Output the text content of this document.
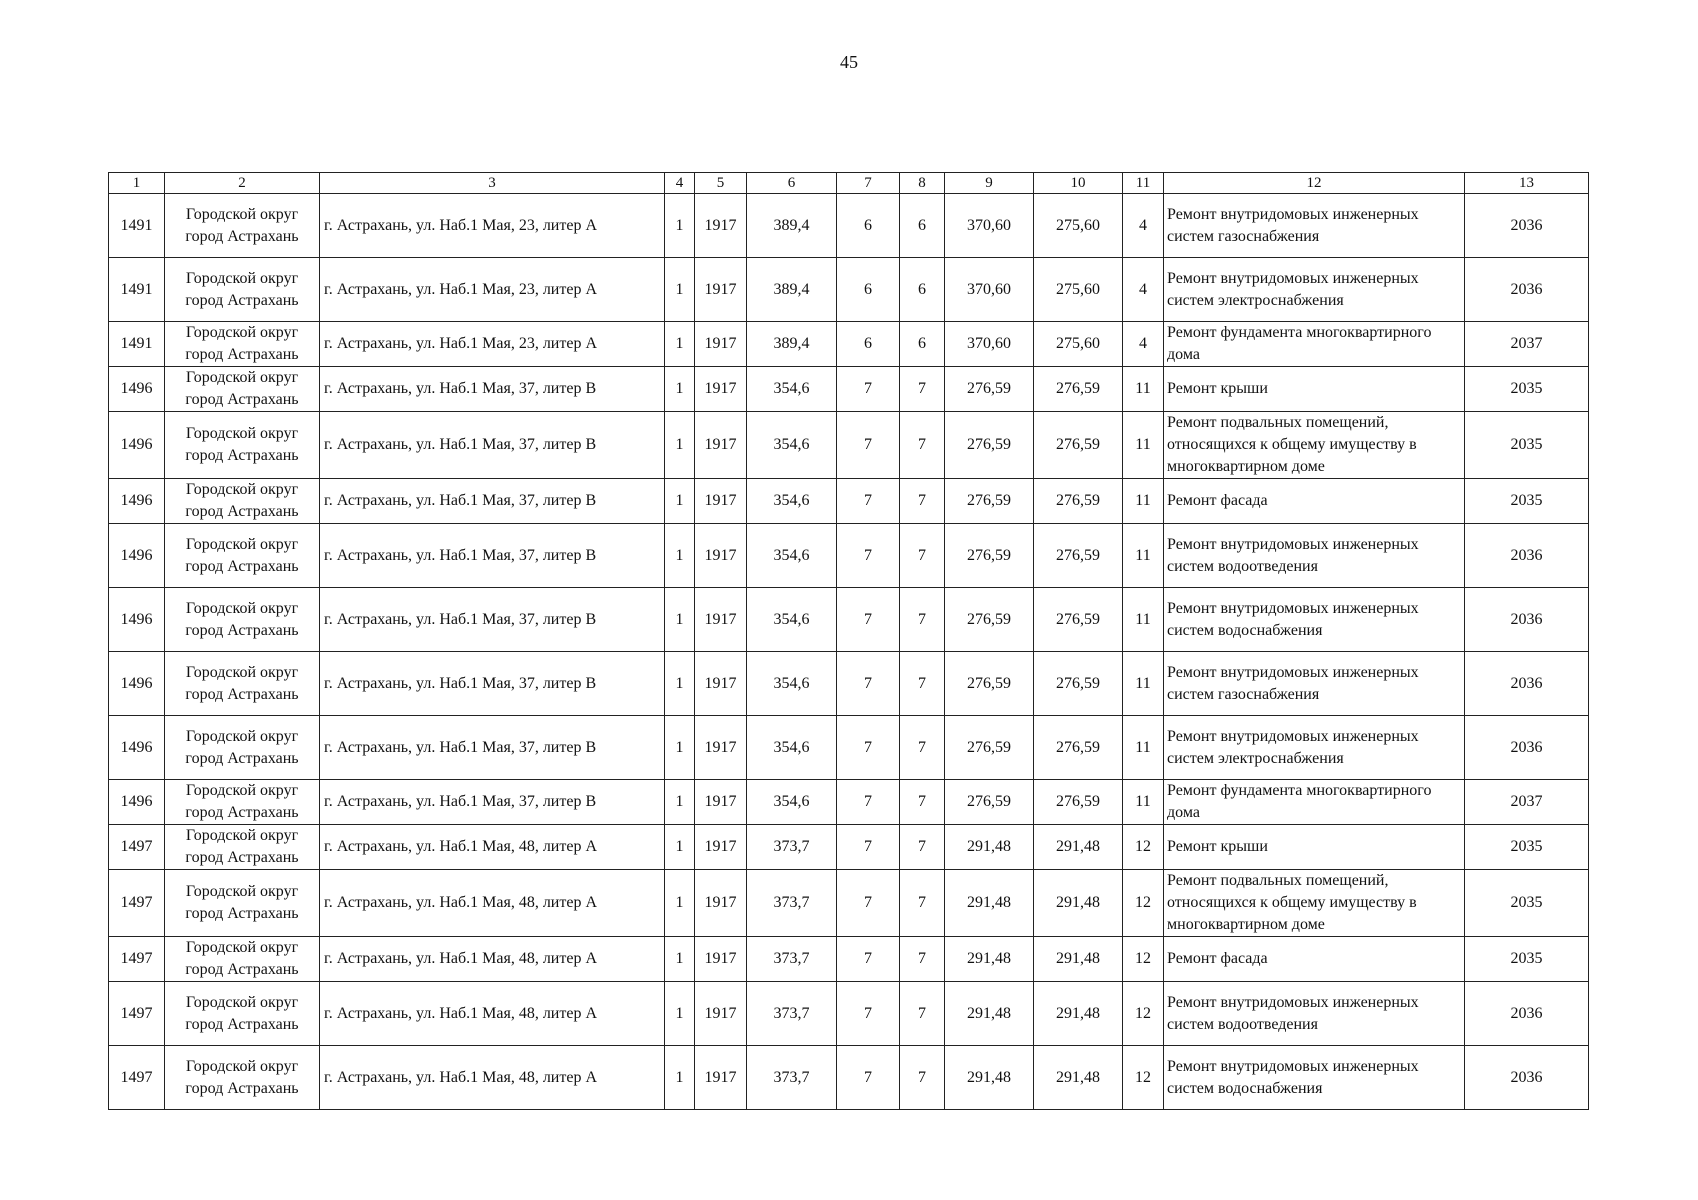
45
1	2	3	4	5	6	7	8	9	10	11	12	13
1491	Городской округ город Астрахань	г. Астрахань, ул. Наб.1 Мая, 23, литер А	1	1917	389,4	6	6	370,60	275,60	4	Ремонт внутридомовых инженерных систем газоснабжения	2036
1491	Городской округ город Астрахань	г. Астрахань, ул. Наб.1 Мая, 23, литер А	1	1917	389,4	6	6	370,60	275,60	4	Ремонт внутридомовых инженерных систем электроснабжения	2036
1491	Городской округ город Астрахань	г. Астрахань, ул. Наб.1 Мая, 23, литер А	1	1917	389,4	6	6	370,60	275,60	4	Ремонт фундамента многоквартирного дома	2037
1496	Городской округ город Астрахань	г. Астрахань, ул. Наб.1 Мая, 37, литер В	1	1917	354,6	7	7	276,59	276,59	11	Ремонт крыши	2035
1496	Городской округ город Астрахань	г. Астрахань, ул. Наб.1 Мая, 37, литер В	1	1917	354,6	7	7	276,59	276,59	11	Ремонт подвальных помещений, относящихся к общему имуществу в многоквартирном доме	2035
1496	Городской округ город Астрахань	г. Астрахань, ул. Наб.1 Мая, 37, литер В	1	1917	354,6	7	7	276,59	276,59	11	Ремонт фасада	2035
1496	Городской округ город Астрахань	г. Астрахань, ул. Наб.1 Мая, 37, литер В	1	1917	354,6	7	7	276,59	276,59	11	Ремонт внутридомовых инженерных систем водоотведения	2036
1496	Городской округ город Астрахань	г. Астрахань, ул. Наб.1 Мая, 37, литер В	1	1917	354,6	7	7	276,59	276,59	11	Ремонт внутридомовых инженерных систем водоснабжения	2036
1496	Городской округ город Астрахань	г. Астрахань, ул. Наб.1 Мая, 37, литер В	1	1917	354,6	7	7	276,59	276,59	11	Ремонт внутридомовых инженерных систем газоснабжения	2036
1496	Городской округ город Астрахань	г. Астрахань, ул. Наб.1 Мая, 37, литер В	1	1917	354,6	7	7	276,59	276,59	11	Ремонт внутридомовых инженерных систем электроснабжения	2036
1496	Городской округ город Астрахань	г. Астрахань, ул. Наб.1 Мая, 37, литер В	1	1917	354,6	7	7	276,59	276,59	11	Ремонт фундамента многоквартирного дома	2037
1497	Городской округ город Астрахань	г. Астрахань, ул. Наб.1 Мая, 48, литер А	1	1917	373,7	7	7	291,48	291,48	12	Ремонт крыши	2035
1497	Городской округ город Астрахань	г. Астрахань, ул. Наб.1 Мая, 48, литер А	1	1917	373,7	7	7	291,48	291,48	12	Ремонт подвальных помещений, относящихся к общему имуществу в многоквартирном доме	2035
1497	Городской округ город Астрахань	г. Астрахань, ул. Наб.1 Мая, 48, литер А	1	1917	373,7	7	7	291,48	291,48	12	Ремонт фасада	2035
1497	Городской округ город Астрахань	г. Астрахань, ул. Наб.1 Мая, 48, литер А	1	1917	373,7	7	7	291,48	291,48	12	Ремонт внутридомовых инженерных систем водоотведения	2036
1497	Городской округ город Астрахань	г. Астрахань, ул. Наб.1 Мая, 48, литер А	1	1917	373,7	7	7	291,48	291,48	12	Ремонт внутридомовых инженерных систем водоснабжения	2036
